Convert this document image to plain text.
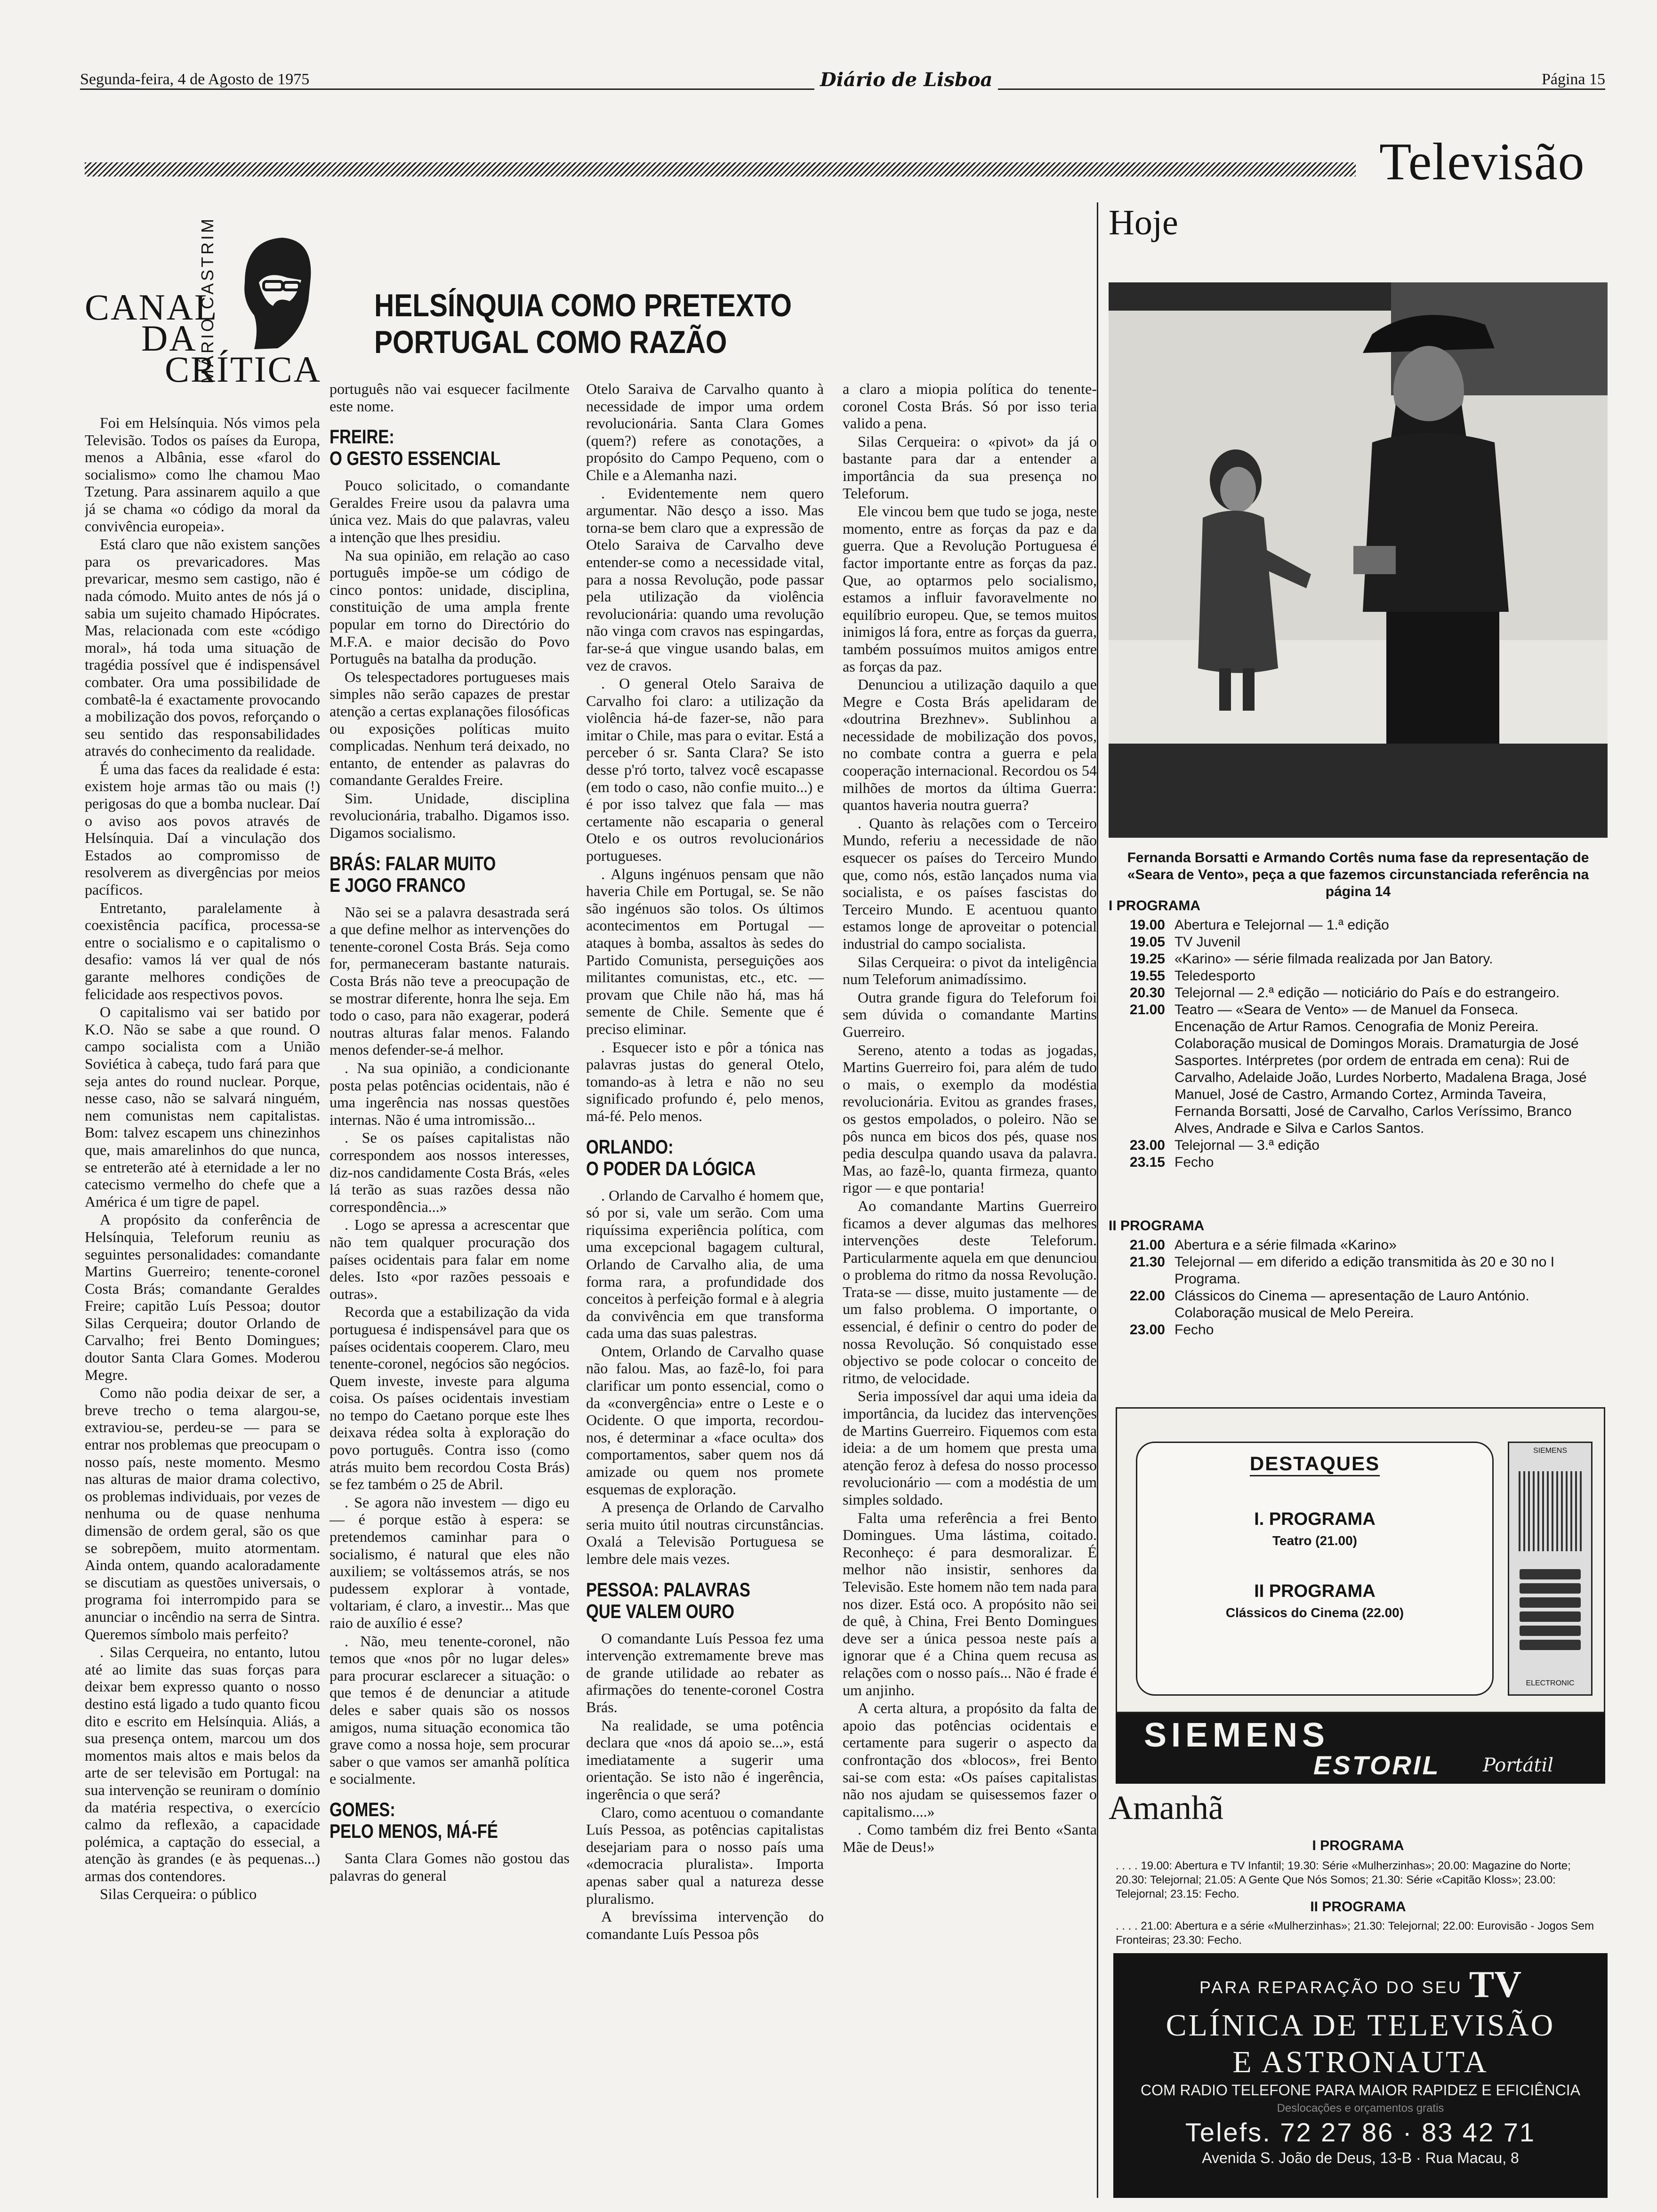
Segunda-feira, 4 de Agosto de 1975	Diário de Lisboa	Página 15
Televisão
MÁRIO CASTRIM
CANAL
DA
CRÍTICA
HELSÍNQUIA COMO PRETEXTO
PORTUGAL COMO RAZÃO

Foi em Helsínquia. Nós vimos pela Televisão. Todos os países da Europa, menos a Albânia, esse «farol do socialismo» como lhe chamou Mao Tzetung. Para assinarem aquilo a que já se chama «o código da moral da convivência europeia».

Está claro que não existem sanções para os prevaricadores. Mas prevaricar, mesmo sem castigo, não é nada cómodo. Muito antes de nós já o sabia um sujeito chamado Hipócrates. Mas, relacionada com este «código moral», há toda uma situação de tragédia possível que é indispensável combater. Ora uma possibilidade de combatê-la é exactamente provocando a mobilização dos povos, reforçando o seu sentido das responsabilidades através do conhecimento da realidade.

É uma das faces da realidade é esta: existem hoje armas tão ou mais (!) perigosas do que a bomba nuclear. Daí o aviso aos povos através de Helsínquia. Daí a vinculação dos Estados ao compromisso de resolverem as divergências por meios pacíficos.

Entretanto, paralelamente à coexistência pacífica, processa-se entre o socialismo e o capitalismo o desafio: vamos lá ver qual de nós garante melhores condições de felicidade aos respectivos povos.

O capitalismo vai ser batido por K.O. Não se sabe a que round. O campo socialista com a União Soviética à cabeça, tudo fará para que seja antes do round nuclear. Porque, nesse caso, não se salvará ninguém, nem comunistas nem capitalistas. Bom: talvez escapem uns chinezinhos que, mais amarelinhos do que nunca, se entreterão até à eternidade a ler no catecismo vermelho do chefe que a América é um tigre de papel.

A propósito da conferência de Helsínquia, Teleforum reuniu as seguintes personalidades: comandante Martins Guerreiro; tenente-coronel Costa Brás; comandante Geraldes Freire; capitão Luís Pessoa; doutor Silas Cerqueira; doutor Orlando de Carvalho; frei Bento Domingues; doutor Santa Clara Gomes. Moderou Megre.

Como não podia deixar de ser, a breve trecho o tema alargou-se, extraviou-se, perdeu-se — para se entrar nos problemas que preocupam o nosso país, neste momento. Mesmo nas alturas de maior drama colectivo, os problemas individuais, por vezes de nenhuma ou de quase nenhuma dimensão de ordem geral, são os que se sobrepõem, muito atormentam. Ainda ontem, quando acaloradamente se discutiam as questões universais, o programa foi interrompido para se anunciar o incêndio na serra de Sintra. Queremos símbolo mais perfeito?

. Silas Cerqueira, no entanto, lutou até ao limite das suas forças para deixar bem expresso quanto o nosso destino está ligado a tudo quanto ficou dito e escrito em Helsínquia. Aliás, a sua presença ontem, marcou um dos momentos mais altos e mais belos da arte de ser televisão em Portugal: na sua intervenção se reuniram o domínio da matéria respectiva, o exercício calmo da reflexão, a capacidade polémica, a captação do essecial, a atenção às grandes (e às pequenas...) armas dos contendores.

Silas Cerqueira: o público

português não vai esquecer facilmente este nome.

FREIRE:
O GESTO ESSENCIAL

Pouco solicitado, o comandante Geraldes Freire usou da palavra uma única vez. Mais do que palavras, valeu a intenção que lhes presidiu.

Na sua opinião, em relação ao caso português impõe-se um código de cinco pontos: unidade, disciplina, constituição de uma ampla frente popular em torno do Directório do M.F.A. e maior decisão do Povo Português na batalha da produção.

Os telespectadores portugueses mais simples não serão capazes de prestar atenção a certas explanações filosóficas ou exposições políticas muito complicadas. Nenhum terá deixado, no entanto, de entender as palavras do comandante Geraldes Freire.

Sim. Unidade, disciplina revolucionária, trabalho. Digamos isso. Digamos socialismo.

BRÁS: FALAR MUITO
E JOGO FRANCO

Não sei se a palavra desastrada será a que define melhor as intervenções do tenente-coronel Costa Brás. Seja como for, permaneceram bastante naturais. Costa Brás não teve a preocupação de se mostrar diferente, honra lhe seja. Em todo o caso, para não exagerar, poderá noutras alturas falar menos. Falando menos defender-se-á melhor.

. Na sua opinião, a condicionante posta pelas potências ocidentais, não é uma ingerência nas nossas questões internas. Não é uma intromissão...

. Se os países capitalistas não correspondem aos nossos interesses, diz-nos candidamente Costa Brás, «eles lá terão as suas razões dessa não correspondência...»

. Logo se apressa a acrescentar que não tem qualquer procuração dos países ocidentais para falar em nome deles. Isto «por razões pessoais e outras».

Recorda que a estabilização da vida portuguesa é indispensável para que os países ocidentais cooperem. Claro, meu tenente-coronel, negócios são negócios. Quem investe, investe para alguma coisa. Os países ocidentais investiam no tempo do Caetano porque este lhes deixava rédea solta à exploração do povo português. Contra isso (como atrás muito bem recordou Costa Brás) se fez também o 25 de Abril.

. Se agora não investem — digo eu — é porque estão à espera: se pretendemos caminhar para o socialismo, é natural que eles não auxiliem; se voltássemos atrás, se nos pudessem explorar à vontade, voltariam, é claro, a investir... Mas que raio de auxílio é esse?

. Não, meu tenente-coronel, não temos que «nos pôr no lugar deles» para procurar esclarecer a situação: o que temos é de denunciar a atitude deles e saber quais são os nossos amigos, numa situação economica tão grave como a nossa hoje, sem procurar saber o que vamos ser amanhã política e socialmente.

GOMES:
PELO MENOS, MÁ-FÉ

Santa Clara Gomes não gostou das palavras do general

Otelo Saraiva de Carvalho quanto à necessidade de impor uma ordem revolucionária. Santa Clara Gomes (quem?) refere as conotações, a propósito do Campo Pequeno, com o Chile e a Alemanha nazi.

. Evidentemente nem quero argumentar. Não desço a isso. Mas torna-se bem claro que a expressão de Otelo Saraiva de Carvalho deve entender-se como a necessidade vital, para a nossa Revolução, pode passar pela utilização da violência revolucionária: quando uma revolução não vinga com cravos nas espingardas, far-se-á que vingue usando balas, em vez de cravos.

. O general Otelo Saraiva de Carvalho foi claro: a utilização da violência há-de fazer-se, não para imitar o Chile, mas para o evitar. Está a perceber ó sr. Santa Clara? Se isto desse p'ró torto, talvez você escapasse (em todo o caso, não confie muito...) e é por isso talvez que fala — mas certamente não escaparia o general Otelo e os outros revolucionários portugueses.

. Alguns ingénuos pensam que não haveria Chile em Portugal, se. Se não são ingénuos são tolos. Os últimos acontecimentos em Portugal — ataques à bomba, assaltos às sedes do Partido Comunista, perseguições aos militantes comunistas, etc., etc. — provam que Chile não há, mas há semente de Chile. Semente que é preciso eliminar.

. Esquecer isto e pôr a tónica nas palavras justas do general Otelo, tomando-as à letra e não no seu significado profundo é, pelo menos, má-fé. Pelo menos.

ORLANDO:
O PODER DA LÓGICA

. Orlando de Carvalho é homem que, só por si, vale um serão. Com uma riquíssima experiência política, com uma excepcional bagagem cultural, Orlando de Carvalho alia, de uma forma rara, a profundidade dos conceitos à perfeição formal e à alegria da convivência em que transforma cada uma das suas palestras.

Ontem, Orlando de Carvalho quase não falou. Mas, ao fazê-lo, foi para clarificar um ponto essencial, como o da «convergência» entre o Leste e o Ocidente. O que importa, recordou-nos, é determinar a «face oculta» dos comportamentos, saber quem nos dá amizade ou quem nos promete esquemas de exploração.

A presença de Orlando de Carvalho seria muito útil noutras circunstâncias. Oxalá a Televisão Portuguesa se lembre dele mais vezes.

PESSOA: PALAVRAS
QUE VALEM OURO

O comandante Luís Pessoa fez uma intervenção extremamente breve mas de grande utilidade ao rebater as afirmações do tenente-coronel Costra Brás.

Na realidade, se uma potência declara que «nos dá apoio se...», está imediatamente a sugerir uma orientação. Se isto não é ingerência, ingerência o que será?

Claro, como acentuou o comandante Luís Pessoa, as potências capitalistas desejariam para o nosso país uma «democracia pluralista». Importa apenas saber qual a natureza desse pluralismo.

A brevíssima intervenção do comandante Luís Pessoa pôs

a claro a miopia política do tenente-coronel Costa Brás. Só por isso teria valido a pena.

Silas Cerqueira: o «pivot» da já o bastante para dar a entender a importância da sua presença no Teleforum.

Ele vincou bem que tudo se joga, neste momento, entre as forças da paz e da guerra. Que a Revolução Portuguesa é factor importante entre as forças da paz. Que, ao optarmos pelo socialismo, estamos a influir favoravelmente no equilíbrio europeu. Que, se temos muitos inimigos lá fora, entre as forças da guerra, também possuímos muitos amigos entre as forças da paz.

Denunciou a utilização daquilo a que Megre e Costa Brás apelidaram de «doutrina Brezhnev». Sublinhou a necessidade de mobilização dos povos, no combate contra a guerra e pela cooperação internacional. Recordou os 54 milhões de mortos da última Guerra: quantos haveria noutra guerra?

. Quanto às relações com o Terceiro Mundo, referiu a necessidade de não esquecer os países do Terceiro Mundo que, como nós, estão lançados numa via socialista, e os países fascistas do Terceiro Mundo. E acentuou quanto estamos longe de aproveitar o potencial industrial do campo socialista.

Silas Cerqueira: o pivot da inteligência num Teleforum animadíssimo.

Outra grande figura do Teleforum foi sem dúvida o comandante Martins Guerreiro.

Sereno, atento a todas as jogadas, Martins Guerreiro foi, para além de tudo o mais, o exemplo da modéstia revolucionária. Evitou as grandes frases, os gestos empolados, o poleiro. Não se pôs nunca em bicos dos pés, quase nos pedia desculpa quando usava da palavra. Mas, ao fazê-lo, quanta firmeza, quanto rigor — e que pontaria!

Ao comandante Martins Guerreiro ficamos a dever algumas das melhores intervenções deste Teleforum. Particularmente aquela em que denunciou o problema do ritmo da nossa Revolução. Trata-se — disse, muito justamente — de um falso problema. O importante, o essencial, é definir o centro do poder de nossa Revolução. Só conquistado esse objectivo se pode colocar o conceito de ritmo, de velocidade.

Seria impossível dar aqui uma ideia da importância, da lucidez das intervenções de Martins Guerreiro. Fiquemos com esta ideia: a de um homem que presta uma atenção feroz à defesa do nosso processo revolucionário — com a modéstia de um simples soldado.

Falta uma referência a frei Bento Domingues. Uma lástima, coitado. Reconheço: é para desmoralizar. É melhor não insistir, senhores da Televisão. Este homem não tem nada para nos dizer. Está oco. A propósito não sei de quê, à China, Frei Bento Domingues deve ser a única pessoa neste país a ignorar que é a China quem recusa as relações com o nosso país... Não é frade é um anjinho.

A certa altura, a propósito da falta de apoio das potências ocidentais e certamente para sugerir o aspecto da confrontação dos «blocos», frei Bento sai-se com esta: «Os países capitalistas não nos ajudam se quisessemos fazer o capitalismo....»

. Como também diz frei Bento «Santa Mãe de Deus!»

Hoje
Fernanda Borsatti e Armando Cortês numa fase da representação de «Seara de Vento», peça a que fazemos circunstanciada referência na página 14
I PROGRAMA
19.00 Abertura e Telejornal — 1.ª edição
19.05 TV Juvenil
19.25 «Karino» — série filmada realizada por Jan Batory.
19.55 Teledesporto
20.30 Telejornal — 2.ª edição — noticiário do País e do estrangeiro.
21.00 Teatro — «Seara de Vento» — de Manuel da Fonseca. Encenação de Artur Ramos. Cenografia de Moniz Pereira. Colaboração musical de Domingos Morais. Dramaturgia de José Sasportes. Intérpretes (por ordem de entrada em cena): Rui de Carvalho, Adelaide João, Lurdes Norberto, Madalena Braga, José Manuel, José de Castro, Armando Cortez, Arminda Taveira, Fernanda Borsatti, José de Carvalho, Carlos Veríssimo, Branco Alves, Andrade e Silva e Carlos Santos.
23.00 Telejornal — 3.ª edição
23.15 Fecho
II PROGRAMA
21.00 Abertura e a série filmada «Karino»
21.30 Telejornal — em diferido a edição transmitida às 20 e 30 no I Programa.
22.00 Clássicos do Cinema — apresentação de Lauro António. Colaboração musical de Melo Pereira.
23.00 Fecho
DESTAQUES
I. PROGRAMA
Teatro (21.00)
II PROGRAMA
Clássicos do Cinema (22.00)
SIEMENS
ELECTRONIC
SIEMENS
ESTORIL Portátil
Amanhã
I PROGRAMA
. . . . 19.00: Abertura e TV Infantil; 19.30: Série «Mulherzinhas»; 20.00: Magazine do Norte; 20.30: Telejornal; 21.05: A Gente Que Nós Somos; 21.30: Série «Capitão Kloss»; 23.00: Telejornal; 23.15: Fecho.
II PROGRAMA
. . . . 21.00: Abertura e a série «Mulherzinhas»; 21.30: Telejornal; 22.00: Eurovisão - Jogos Sem Fronteiras; 23.30: Fecho.
PARA REPARAÇÃO DO SEU TV
CLÍNICA DE TELEVISÃO
E ASTRONAUTA
COM RADIO TELEFONE PARA MAIOR RAPIDEZ E EFICIÊNCIA
Deslocações e orçamentos gratis
Telefs. 72 27 86 · 83 42 71
Avenida S. João de Deus, 13-B · Rua Macau, 8
